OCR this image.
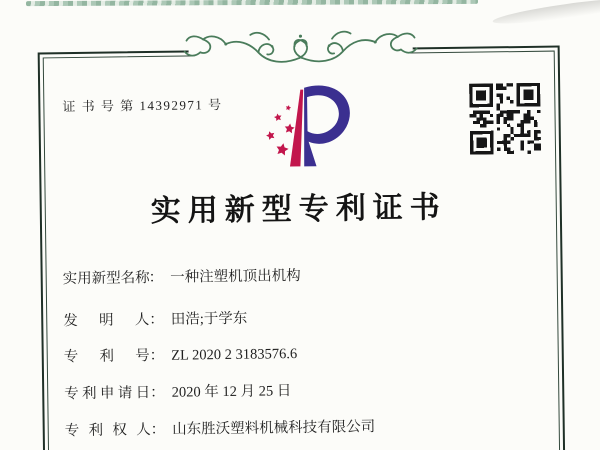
证 书 号 第 14392971 号
实用新型专利证书
实用新型名称： 一种注塑机顶出机构
发明人： 田浩;于学东
专利号： ZL 2020 2 3183576.6
专利申请日： 2020 年 12 月 25 日
专利权人： 山东胜沃塑料机械科技有限公司
